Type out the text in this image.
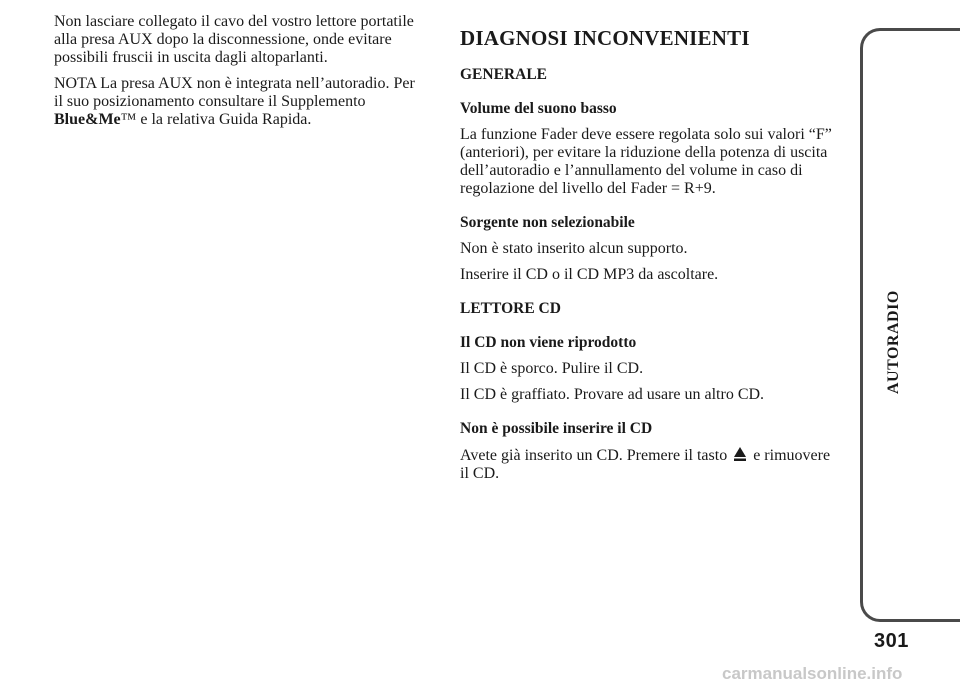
Non lasciare collegato il cavo del vostro lettore portatile alla presa AUX dopo la disconnessione, onde evitare possibili fruscii in uscita dagli altoparlanti.

NOTA La presa AUX non è integrata nell’autoradio. Per il suo posizionamento consultare il Supplemento Blue&Me™ e la relativa Guida Rapida.

DIAGNOSI INCONVENIENTI
GENERALE
Volume del suono basso

La funzione Fader deve essere regolata solo sui valori “F” (anteriori), per evitare la riduzione della potenza di uscita dell’autoradio e l’annullamento del volume in caso di regolazione del livello del Fader = R+9.

Sorgente non selezionabile

Non è stato inserito alcun supporto.

Inserire il CD o il CD MP3 da ascoltare.

LETTORE CD
Il CD non viene riprodotto

Il CD è sporco. Pulire il CD.

Il CD è graffiato. Provare ad usare un altro CD.

Non è possibile inserire il CD

Avete già inserito un CD. Premere il tasto e rimuovere il CD.

AUTORADIO
301
carmanualsonline.info
